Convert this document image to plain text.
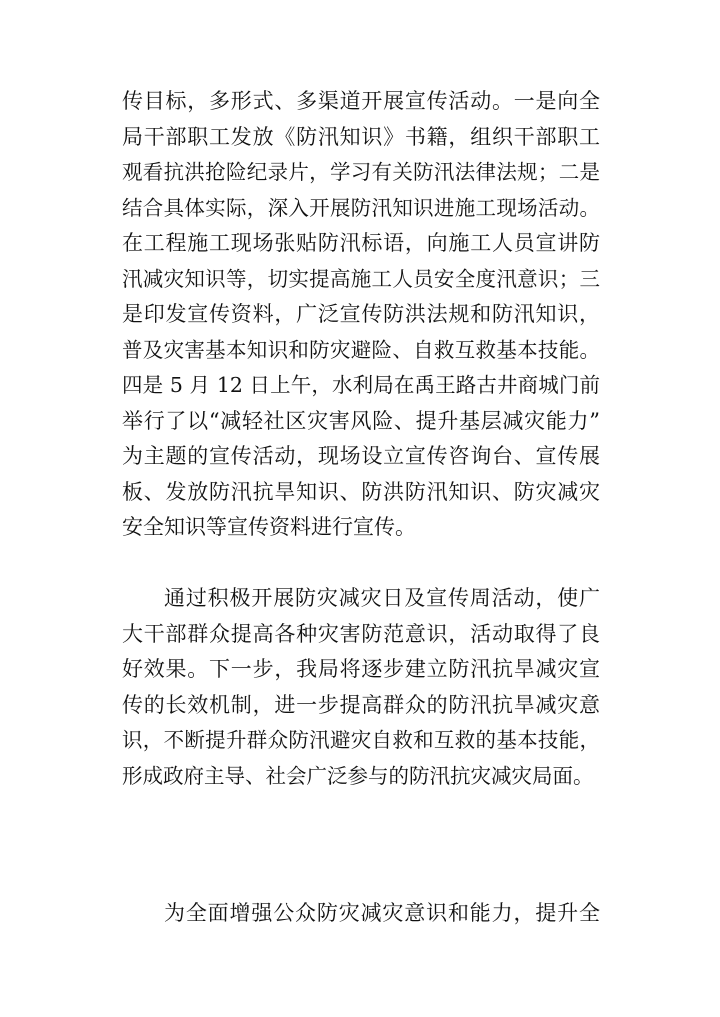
传目标，多形式、多渠道开展宣传活动。一是向全
局干部职工发放《防汛知识》书籍，组织干部职工
观看抗洪抢险纪录片，学习有关防汛法律法规；二是
结合具体实际，深入开展防汛知识进施工现场活动。
在工程施工现场张贴防汛标语，向施工人员宣讲防
汛减灾知识等，切实提高施工人员安全度汛意识；三
是印发宣传资料，广泛宣传防洪法规和防汛知识，
普及灾害基本知识和防灾避险、自救互救基本技能。
四是 5 月 12 日上午，水利局在禹王路古井商城门前
举行了以“减轻社区灾害风险、提升基层减灾能力”
为主题的宣传活动，现场设立宣传咨询台、宣传展
板、发放防汛抗旱知识、防洪防汛知识、防灾减灾
安全知识等宣传资料进行宣传。
通过积极开展防灾减灾日及宣传周活动，使广
大干部群众提高各种灾害防范意识，活动取得了良
好效果。下一步，我局将逐步建立防汛抗旱减灾宣
传的长效机制，进一步提高群众的防汛抗旱减灾意
识，不断提升群众防汛避灾自救和互救的基本技能，
形成政府主导、社会广泛参与的防汛抗灾减灾局面。
为全面增强公众防灾减灾意识和能力，提升全
